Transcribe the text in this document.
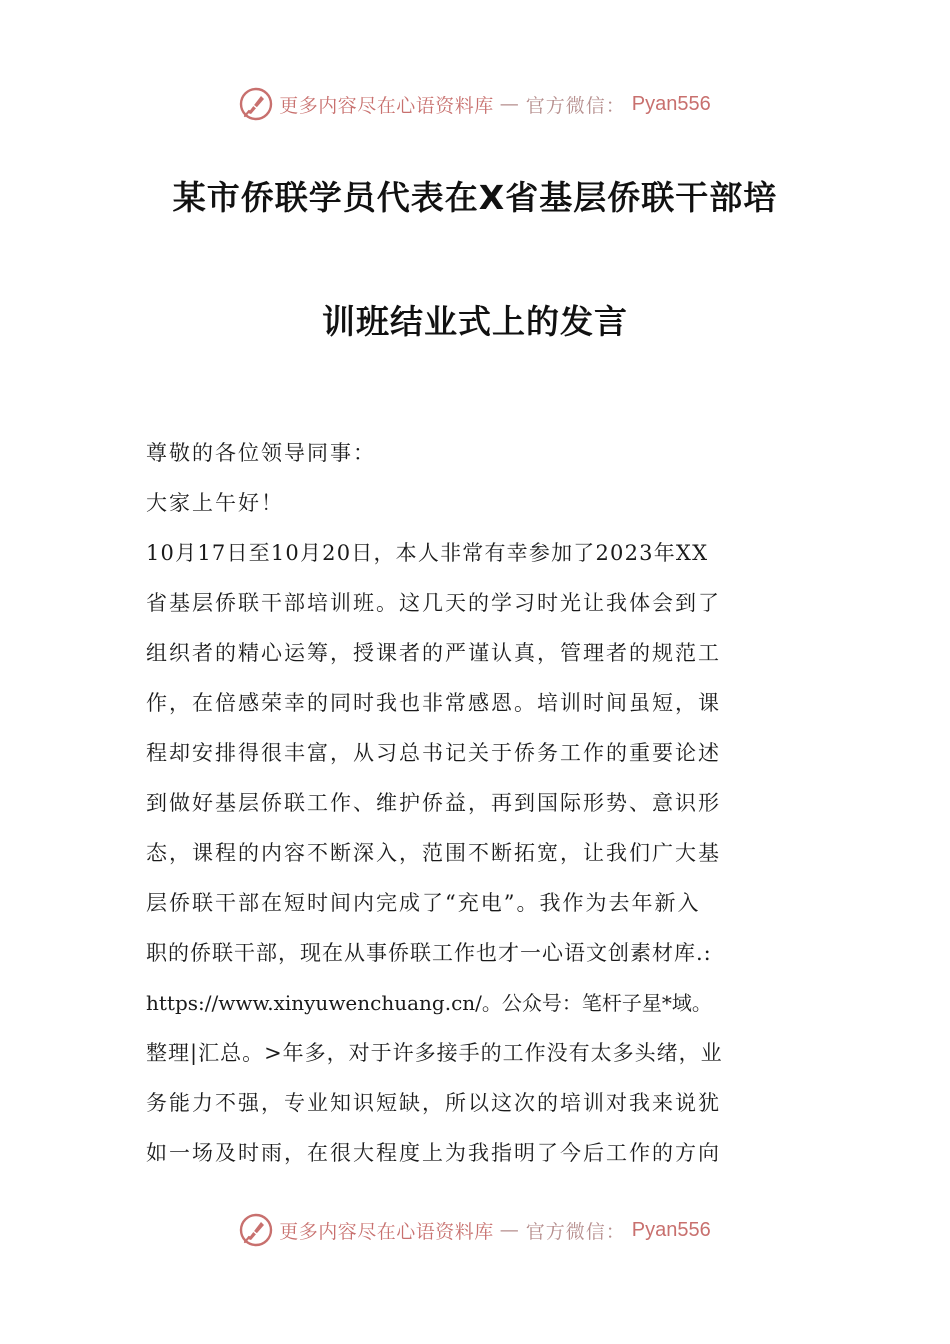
更多内容尽在心语资料库 — 官方微信： Pyan556
某市侨联学员代表在X省基层侨联干部培
训班结业式上的发言

尊敬的各位领导同事：

大家上午好！

10月17日至10月20日，本人非常有幸参加了2023年XX

省基层侨联干部培训班。这几天的学习时光让我体会到了

组织者的精心运筹，授课者的严谨认真，管理者的规范工

作，在倍感荣幸的同时我也非常感恩。培训时间虽短，课

程却安排得很丰富，从习总书记关于侨务工作的重要论述

到做好基层侨联工作、维护侨益，再到国际形势、意识形

态，课程的内容不断深入，范围不断拓宽，让我们广大基

层侨联干部在短时间内完成了“充电”。我作为去年新入

职的侨联干部，现在从事侨联工作也才一心语文创素材库.:

https://www.xinyuwenchuang.cn/。公众号：笔杆子星*域。

整理|汇总。>年多，对于许多接手的工作没有太多头绪，业

务能力不强，专业知识短缺，所以这次的培训对我来说犹

如一场及时雨，在很大程度上为我指明了今后工作的方向

更多内容尽在心语资料库 — 官方微信： Pyan556
